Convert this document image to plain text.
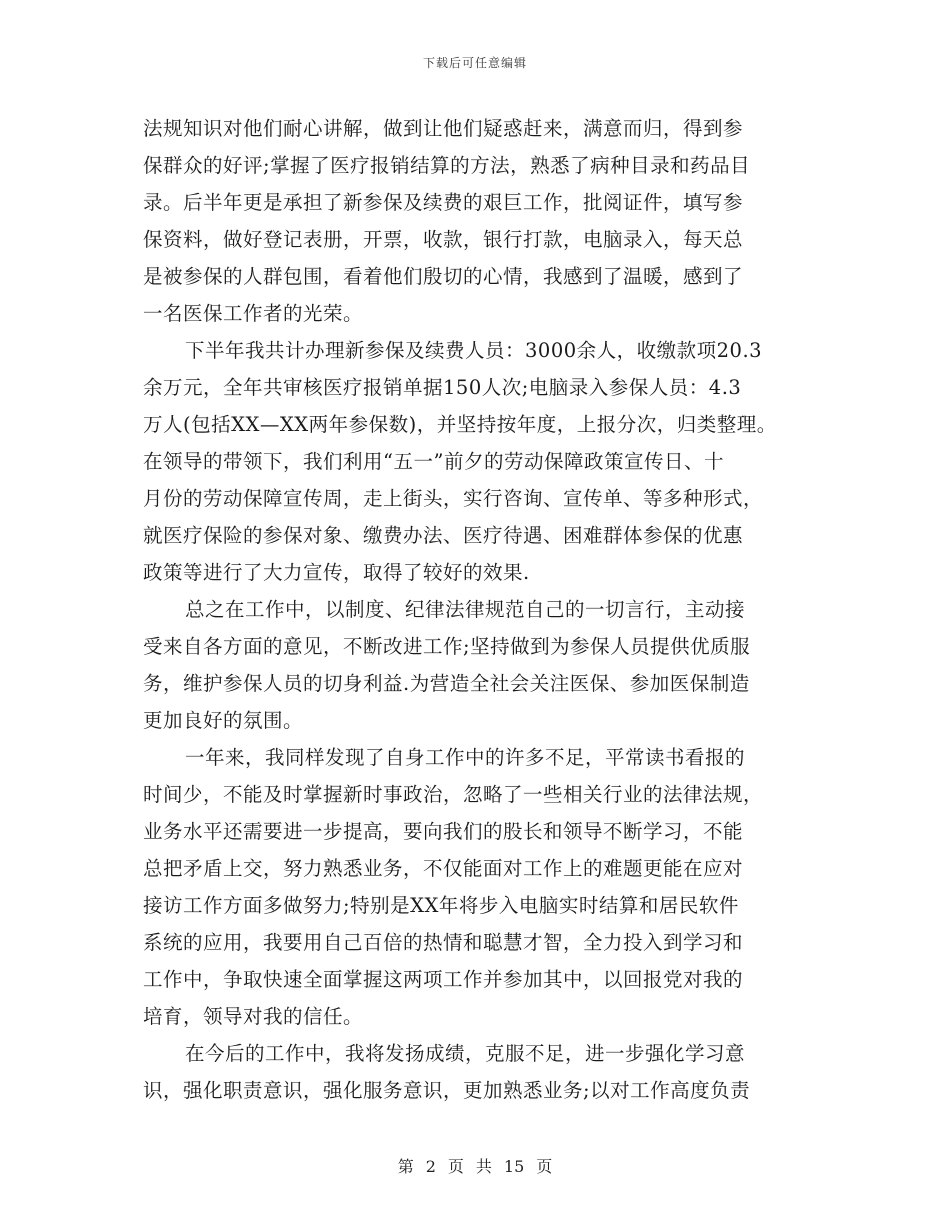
下载后可任意编辑
法规知识对他们耐心讲解，做到让他们疑惑赶来，满意而归，得到参
保群众的好评;掌握了医疗报销结算的方法，熟悉了病种目录和药品目
录。后半年更是承担了新参保及续费的艰巨工作，批阅证件，填写参
保资料，做好登记表册，开票，收款，银行打款，电脑录入，每天总
是被参保的人群包围，看着他们殷切的心情，我感到了温暖，感到了
一名医保工作者的光荣。
下半年我共计办理新参保及续费人员：3000余人，收缴款项20.3
余万元，全年共审核医疗报销单据150人次;电脑录入参保人员：4.3
万人(包括XX—XX两年参保数)，并坚持按年度，上报分次，归类整理。
在领导的带领下，我们利用“五一”前夕的劳动保障政策宣传日、十
月份的劳动保障宣传周，走上街头，实行咨询、宣传单、等多种形式，
就医疗保险的参保对象、缴费办法、医疗待遇、困难群体参保的优惠
政策等进行了大力宣传，取得了较好的效果.
总之在工作中，以制度、纪律法律规范自己的一切言行，主动接
受来自各方面的意见，不断改进工作;坚持做到为参保人员提供优质服
务，维护参保人员的切身利益.为营造全社会关注医保、参加医保制造
更加良好的氛围。
一年来，我同样发现了自身工作中的许多不足，平常读书看报的
时间少，不能及时掌握新时事政治，忽略了一些相关行业的法律法规，
业务水平还需要进一步提高，要向我们的股长和领导不断学习，不能
总把矛盾上交，努力熟悉业务，不仅能面对工作上的难题更能在应对
接访工作方面多做努力;特别是XX年将步入电脑实时结算和居民软件
系统的应用，我要用自己百倍的热情和聪慧才智，全力投入到学习和
工作中，争取快速全面掌握这两项工作并参加其中，以回报党对我的
培育，领导对我的信任。
在今后的工作中，我将发扬成绩，克服不足，进一步强化学习意
识，强化职责意识，强化服务意识，更加熟悉业务;以对工作高度负责
第 2 页 共 15 页
